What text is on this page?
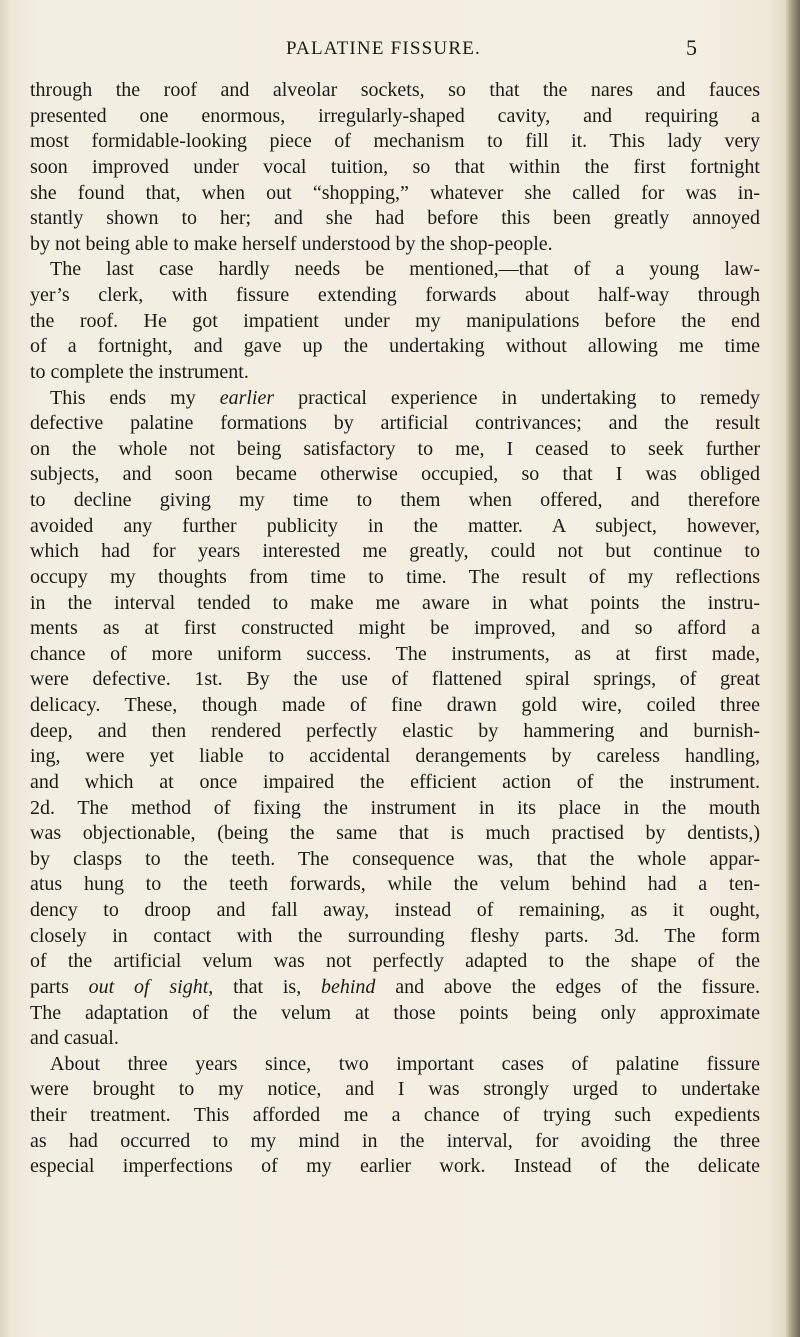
PALATINE FISSURE.	5
through the roof and alveolar sockets, so that the nares and fauces
presented one enormous, irregularly-shaped cavity, and requiring a
most formidable-looking piece of mechanism to fill it. This lady very
soon improved under vocal tuition, so that within the first fortnight
she found that, when out “shopping,” whatever she called for was in-
stantly shown to her; and she had before this been greatly annoyed
by not being able to make herself understood by the shop-people.
The last case hardly needs be mentioned,—that of a young law-
yer’s clerk, with fissure extending forwards about half-way through
the roof. He got impatient under my manipulations before the end
of a fortnight, and gave up the undertaking without allowing me time
to complete the instrument.
This ends my earlier practical experience in undertaking to remedy
defective palatine formations by artificial contrivances; and the result
on the whole not being satisfactory to me, I ceased to seek further
subjects, and soon became otherwise occupied, so that I was obliged
to decline giving my time to them when offered, and therefore
avoided any further publicity in the matter. A subject, however,
which had for years interested me greatly, could not but continue to
occupy my thoughts from time to time. The result of my reflections
in the interval tended to make me aware in what points the instru-
ments as at first constructed might be improved, and so afford a
chance of more uniform success. The instruments, as at first made,
were defective. 1st. By the use of flattened spiral springs, of great
delicacy. These, though made of fine drawn gold wire, coiled three
deep, and then rendered perfectly elastic by hammering and burnish-
ing, were yet liable to accidental derangements by careless handling,
and which at once impaired the efficient action of the instrument.
2d. The method of fixing the instrument in its place in the mouth
was objectionable, (being the same that is much practised by dentists,)
by clasps to the teeth. The consequence was, that the whole appar-
atus hung to the teeth forwards, while the velum behind had a ten-
dency to droop and fall away, instead of remaining, as it ought,
closely in contact with the surrounding fleshy parts. 3d. The form
of the artificial velum was not perfectly adapted to the shape of the
parts out of sight, that is, behind and above the edges of the fissure.
The adaptation of the velum at those points being only approximate
and casual.
About three years since, two important cases of palatine fissure
were brought to my notice, and I was strongly urged to undertake
their treatment. This afforded me a chance of trying such expedients
as had occurred to my mind in the interval, for avoiding the three
especial imperfections of my earlier work. Instead of the delicate
